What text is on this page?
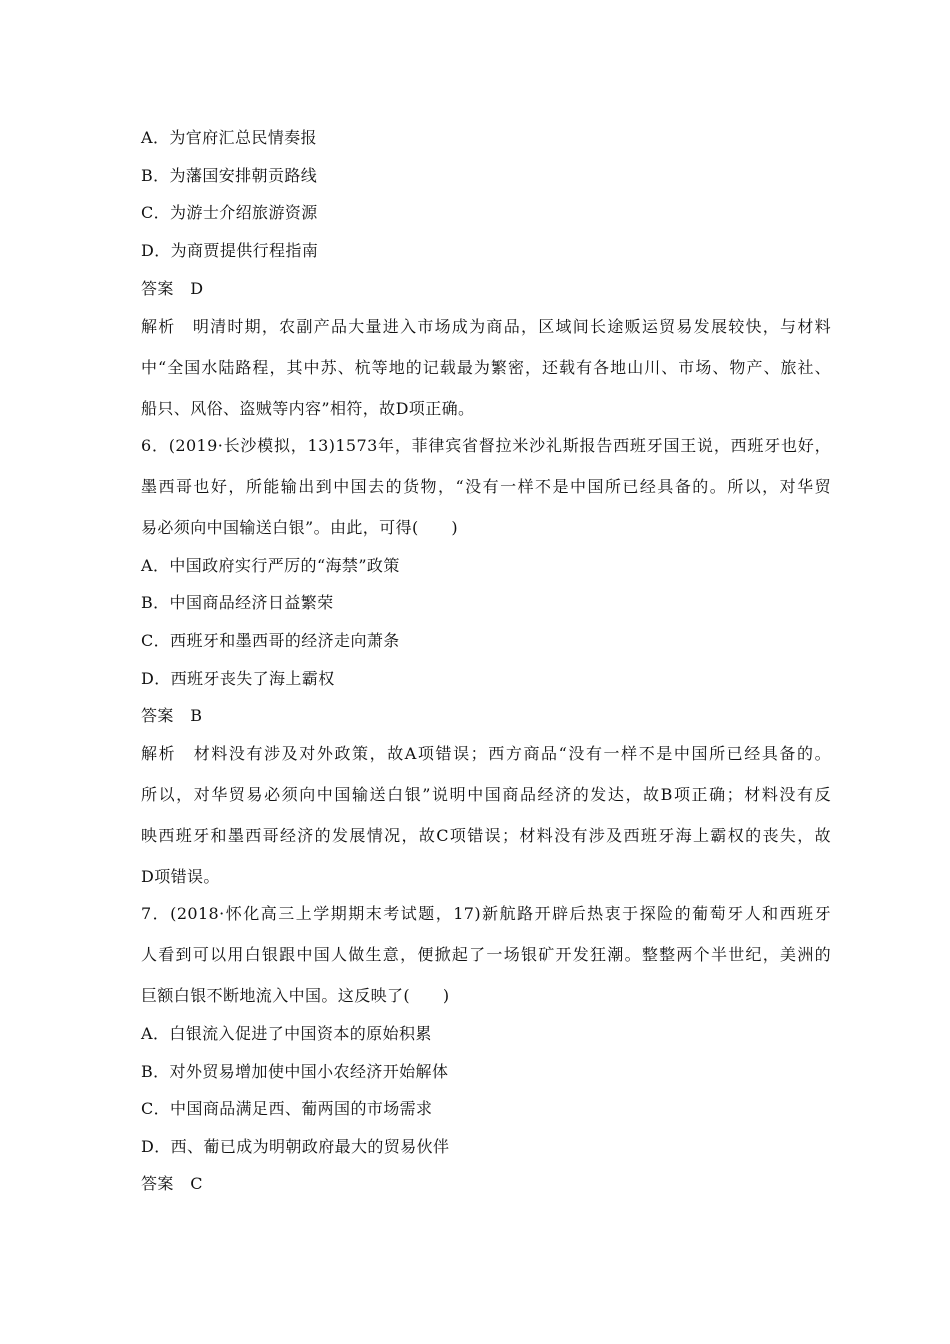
A．为官府汇总民情奏报
B．为藩国安排朝贡路线
C．为游士介绍旅游资源
D．为商贾提供行程指南
答案　D
解析　明清时期，农副产品大量进入市场成为商品，区域间长途贩运贸易发展较快，与材料
中“全国水陆路程，其中苏、杭等地的记载最为繁密，还载有各地山川、市场、物产、旅社、
船只、风俗、盗贼等内容”相符，故D项正确。
6．(2019·长沙模拟，13)1573年，菲律宾省督拉米沙礼斯报告西班牙国王说，西班牙也好，
墨西哥也好，所能输出到中国去的货物，“没有一样不是中国所已经具备的。所以，对华贸
易必须向中国输送白银”。由此，可得(　　)
A．中国政府实行严厉的“海禁”政策
B．中国商品经济日益繁荣
C．西班牙和墨西哥的经济走向萧条
D．西班牙丧失了海上霸权
答案　B
解析　材料没有涉及对外政策，故A项错误；西方商品“没有一样不是中国所已经具备的。
所以，对华贸易必须向中国输送白银”说明中国商品经济的发达，故B项正确；材料没有反
映西班牙和墨西哥经济的发展情况，故C项错误；材料没有涉及西班牙海上霸权的丧失，故
D项错误。
7．(2018·怀化高三上学期期末考试题，17)新航路开辟后热衷于探险的葡萄牙人和西班牙
人看到可以用白银跟中国人做生意，便掀起了一场银矿开发狂潮。整整两个半世纪，美洲的
巨额白银不断地流入中国。这反映了(　　)
A．白银流入促进了中国资本的原始积累
B．对外贸易增加使中国小农经济开始解体
C．中国商品满足西、葡两国的市场需求
D．西、葡已成为明朝政府最大的贸易伙伴
答案　C
